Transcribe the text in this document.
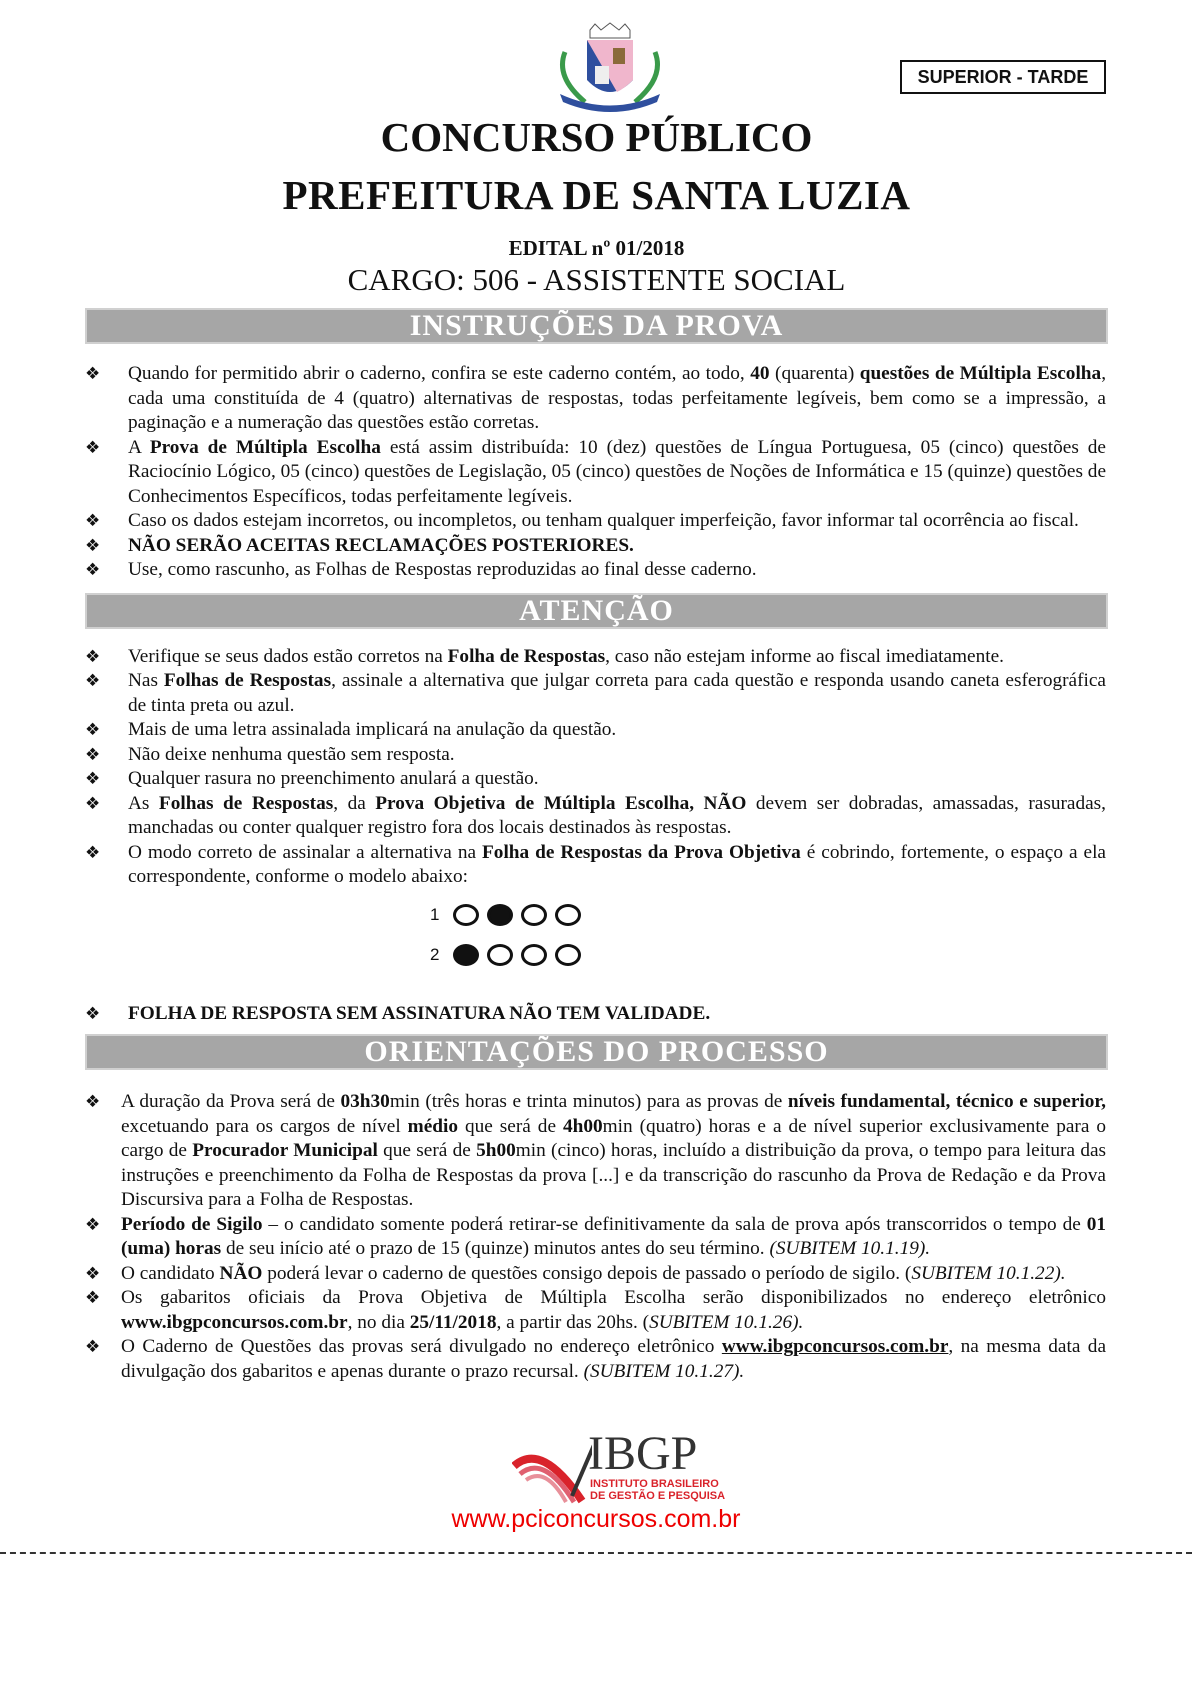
SUPERIOR - TARDE
CONCURSO PÚBLICO
PREFEITURA DE SANTA LUZIA
EDITAL nº 01/2018
CARGO: 506 - ASSISTENTE SOCIAL
INSTRUÇÕES DA PROVA
❖ Quando for permitido abrir o caderno, confira se este caderno contém, ao todo, 40 (quarenta) questões de Múltipla Escolha, cada uma constituída de 4 (quatro) alternativas de respostas, todas perfeitamente legíveis, bem como se a impressão, a paginação e a numeração das questões estão corretas.
❖ A Prova de Múltipla Escolha está assim distribuída: 10 (dez) questões de Língua Portuguesa, 05 (cinco) questões de Raciocínio Lógico, 05 (cinco) questões de Legislação, 05 (cinco) questões de Noções de Informática e 15 (quinze) questões de Conhecimentos Específicos, todas perfeitamente legíveis.
❖ Caso os dados estejam incorretos, ou incompletos, ou tenham qualquer imperfeição, favor informar tal ocorrência ao fiscal.
❖ NÃO SERÃO ACEITAS RECLAMAÇÕES POSTERIORES.
❖ Use, como rascunho, as Folhas de Respostas reproduzidas ao final desse caderno.
ATENÇÃO
❖ Verifique se seus dados estão corretos na Folha de Respostas, caso não estejam informe ao fiscal imediatamente.
❖ Nas Folhas de Respostas, assinale a alternativa que julgar correta para cada questão e responda usando caneta esferográfica de tinta preta ou azul.
❖ Mais de uma letra assinalada implicará na anulação da questão.
❖ Não deixe nenhuma questão sem resposta.
❖ Qualquer rasura no preenchimento anulará a questão.
❖ As Folhas de Respostas, da Prova Objetiva de Múltipla Escolha, NÃO devem ser dobradas, amassadas, rasuradas, manchadas ou conter qualquer registro fora dos locais destinados às respostas.
❖ O modo correto de assinalar a alternativa na Folha de Respostas da Prova Objetiva é cobrindo, fortemente, o espaço a ela correspondente, conforme o modelo abaixo:
1
2
❖ FOLHA DE RESPOSTA SEM ASSINATURA NÃO TEM VALIDADE.
ORIENTAÇÕES DO PROCESSO
❖ A duração da Prova será de 03h30min (três horas e trinta minutos) para as provas de níveis fundamental, técnico e superior, excetuando para os cargos de nível médio que será de 4h00min (quatro) horas e a de nível superior exclusivamente para o cargo de Procurador Municipal que será de 5h00min (cinco) horas, incluído a distribuição da prova, o tempo para leitura das instruções e preenchimento da Folha de Respostas da prova [...] e da transcrição do rascunho da Prova de Redação e da Prova Discursiva para a Folha de Respostas.
❖ Período de Sigilo – o candidato somente poderá retirar-se definitivamente da sala de prova após transcorridos o tempo de 01 (uma) horas de seu início até o prazo de 15 (quinze) minutos antes do seu término. (SUBITEM 10.1.19).
❖ O candidato NÃO poderá levar o caderno de questões consigo depois de passado o período de sigilo. (SUBITEM 10.1.22).
❖ Os gabaritos oficiais da Prova Objetiva de Múltipla Escolha serão disponibilizados no endereço eletrônico www.ibgpconcursos.com.br, no dia 25/11/2018, a partir das 20hs. (SUBITEM 10.1.26).
❖ O Caderno de Questões das provas será divulgado no endereço eletrônico www.ibgpconcursos.com.br, na mesma data da divulgação dos gabaritos e apenas durante o prazo recursal. (SUBITEM 10.1.27).
IBGP
INSTITUTO BRASILEIRO
DE GESTÃO E PESQUISA
www.pciconcursos.com.br
